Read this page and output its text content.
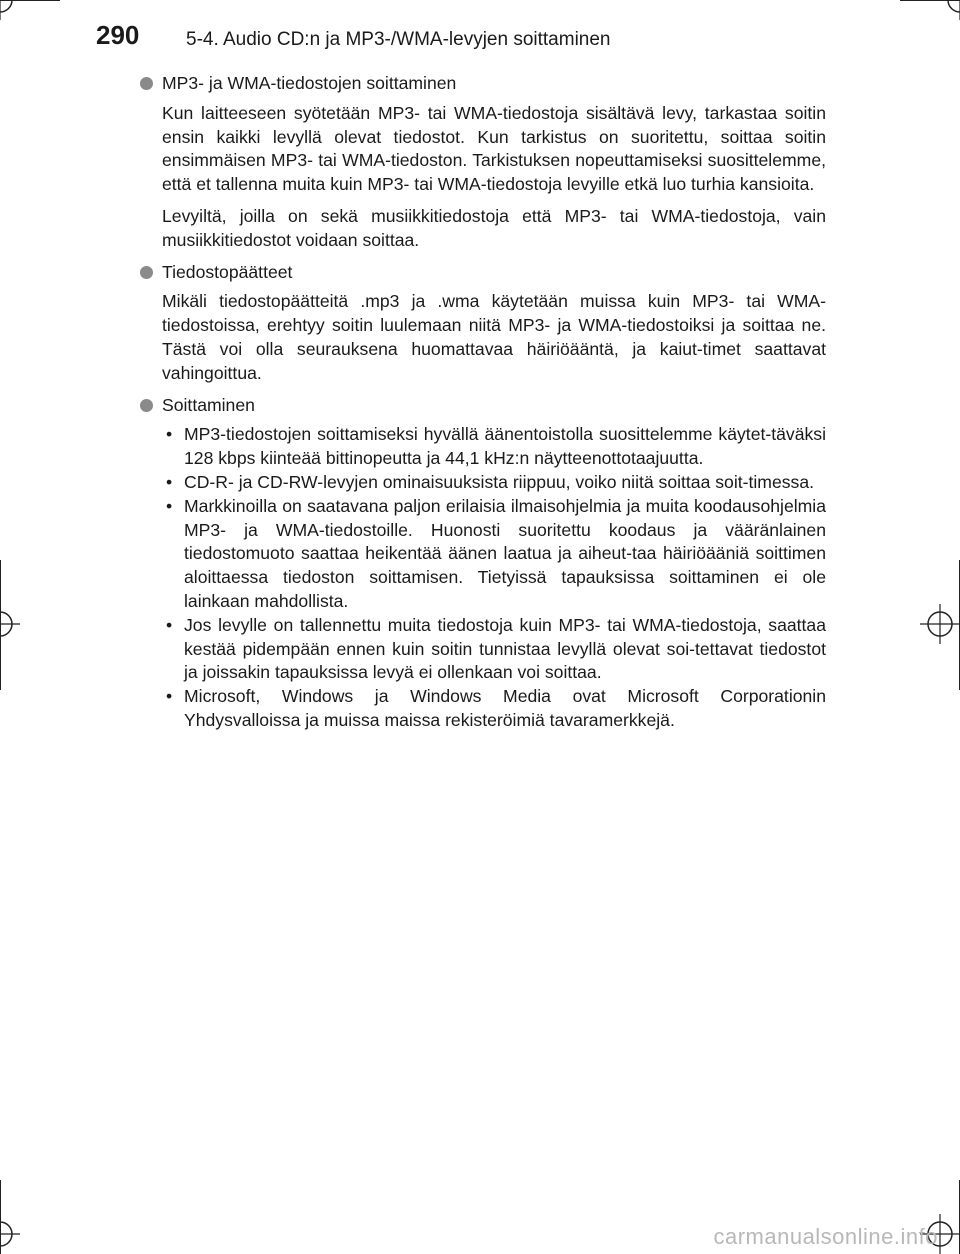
290 5-4. Audio CD:n ja MP3-/WMA-levyjen soittaminen
MP3- ja WMA-tiedostojen soittaminen

Kun laitteeseen syötetään MP3- tai WMA-tiedostoja sisältävä levy, tarkastaa soitin ensin kaikki levyllä olevat tiedostot. Kun tarkistus on suoritettu, soittaa soitin ensimmäisen MP3- tai WMA-tiedoston. Tarkistuksen nopeuttamiseksi suosittelemme, että et tallenna muita kuin MP3- tai WMA-tiedostoja levyille etkä luo turhia kansioita.

Levyiltä, joilla on sekä musiikkitiedostoja että MP3- tai WMA-tiedostoja, vain musiikkitiedostot voidaan soittaa.

Tiedostopäätteet

Mikäli tiedostopäätteitä .mp3 ja .wma käytetään muissa kuin MP3- tai WMA-tiedostoissa, erehtyy soitin luulemaan niitä MP3- ja WMA-tiedostoiksi ja soittaa ne. Tästä voi olla seurauksena huomattavaa häiriöääntä, ja kaiut-timet saattavat vahingoittua.

Soittaminen
• MP3-tiedostojen soittamiseksi hyvällä äänentoistolla suosittelemme käytet-täväksi 128 kbps kiinteää bittinopeutta ja 44,1 kHz:n näytteenottotaajuutta.
• CD-R- ja CD-RW-levyjen ominaisuuksista riippuu, voiko niitä soittaa soit-timessa.
• Markkinoilla on saatavana paljon erilaisia ilmaisohjelmia ja muita koodausohjelmia MP3- ja WMA-tiedostoille. Huonosti suoritettu koodaus ja vääränlainen tiedostomuoto saattaa heikentää äänen laatua ja aiheut-taa häiriöääniä soittimen aloittaessa tiedoston soittamisen. Tietyissä tapauksissa soittaminen ei ole lainkaan mahdollista.
• Jos levylle on tallennettu muita tiedostoja kuin MP3- tai WMA-tiedostoja, saattaa kestää pidempään ennen kuin soitin tunnistaa levyllä olevat soi-tettavat tiedostot ja joissakin tapauksissa levyä ei ollenkaan voi soittaa.
• Microsoft, Windows ja Windows Media ovat Microsoft Corporationin Yhdysvalloissa ja muissa maissa rekisteröimiä tavaramerkkejä.
carmanualsonline.info
